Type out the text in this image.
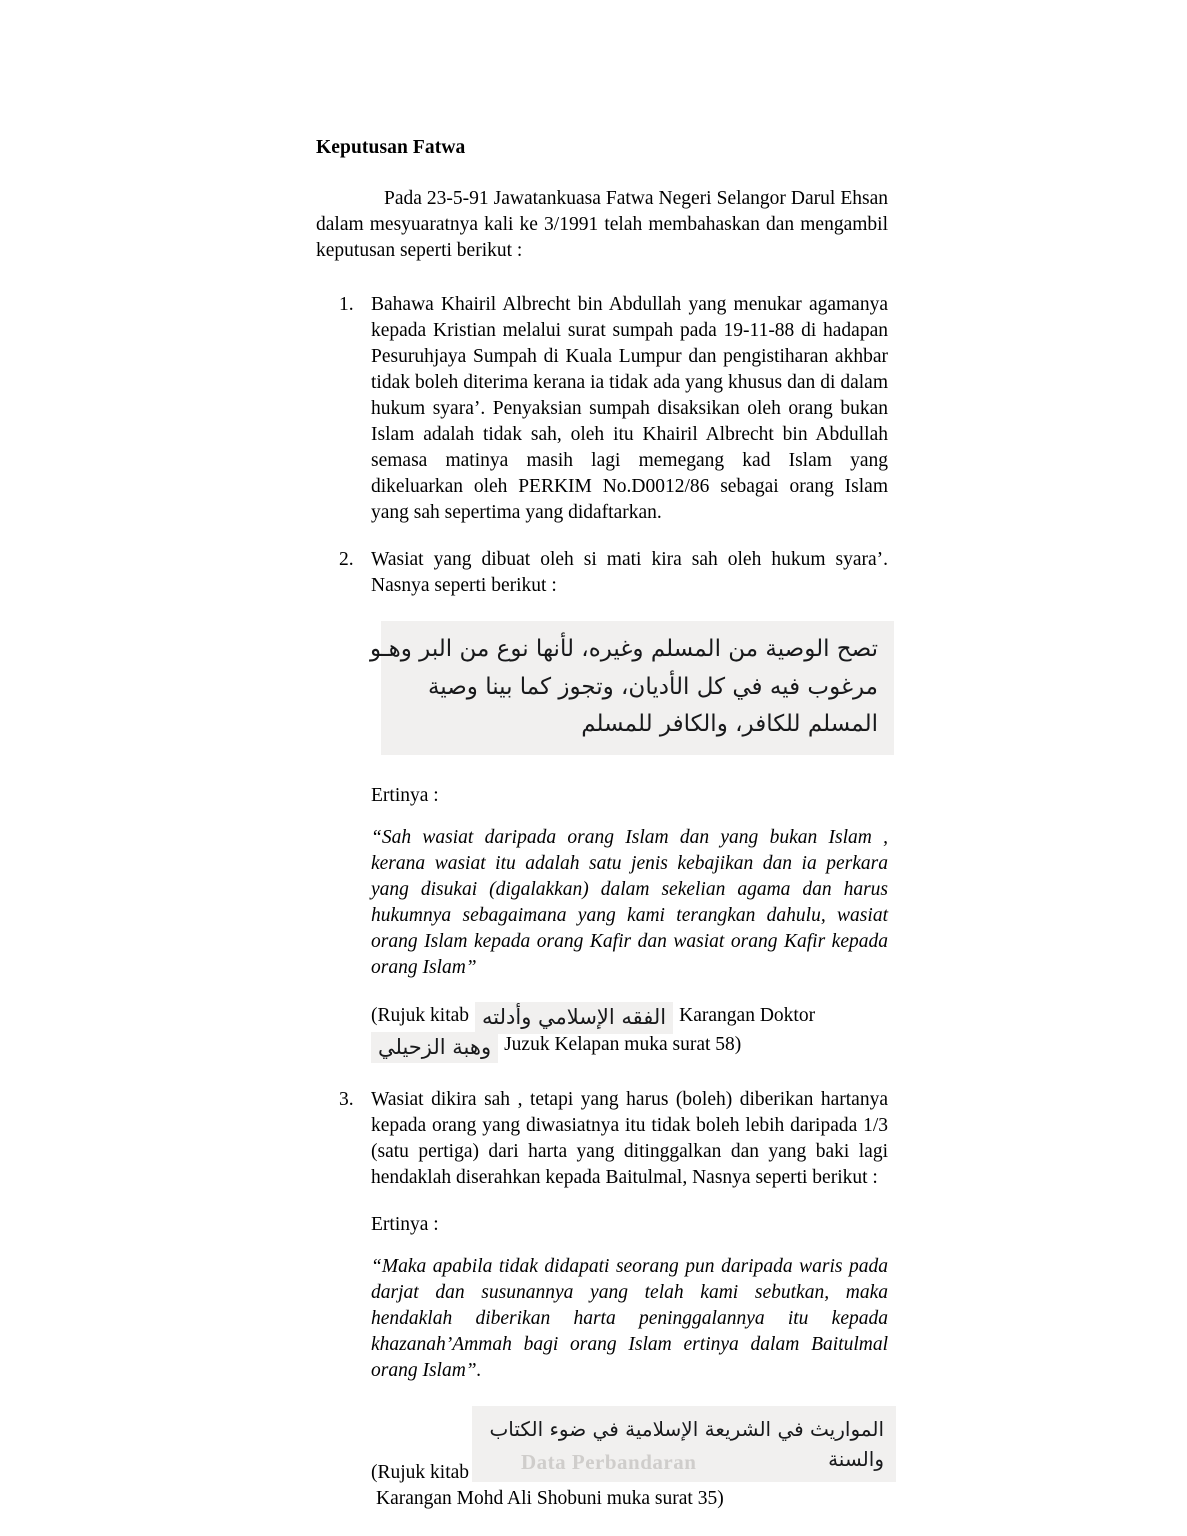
Keputusan Fatwa

Pada 23-5-91 Jawatankuasa Fatwa Negeri Selangor Darul Ehsan dalam mesyuaratnya kali ke 3/1991 telah membahaskan dan mengambil keputusan seperti berikut :

1. Bahawa Khairil Albrecht bin Abdullah yang menukar agamanya kepada Kristian melalui surat sumpah pada 19-11-88 di hadapan Pesuruhjaya Sumpah di Kuala Lumpur dan pengistiharan akhbar tidak boleh diterima kerana ia tidak ada yang khusus dan di dalam hukum syara’. Penyaksian sumpah disaksikan oleh orang bukan Islam adalah tidak sah, oleh itu Khairil Albrecht bin Abdullah semasa matinya masih lagi memegang kad Islam yang dikeluarkan oleh PERKIM No.D0012/86 sebagai orang Islam yang sah sepertima yang didaftarkan.
2. Wasiat yang dibuat oleh si mati kira sah oleh hukum syara’. Nasnya seperti berikut :
تصح الوصية من المسلم وغيره، لأنها نوع من البر وهـو
مرغوب فيه في كل الأديان، وتجوز كما بينا وصية
المسلم للكافر، والكافر للمسلم

Ertinya :

“Sah wasiat daripada orang Islam dan yang bukan Islam , kerana wasiat itu adalah satu jenis kebajikan dan ia perkara yang disukai (digalakkan) dalam sekelian agama dan harus hukumnya sebagaimana yang kami terangkan dahulu, wasiat orang Islam kepada orang Kafir dan wasiat orang Kafir kepada orang Islam”

(Rujuk kitab الفقه الإسلامي وأدلته Karangan Doktor
وهبة الزحيلي Juzuk Kelapan muka surat 58)
3. Wasiat dikira sah , tetapi yang harus (boleh) diberikan hartanya kepada orang yang diwasiatnya itu tidak boleh lebih daripada 1/3 (satu pertiga) dari harta yang ditinggalkan dan yang baki lagi hendaklah diserahkan kepada Baitulmal, Nasnya seperti berikut :

Ertinya :

“Maka apabila tidak didapati seorang pun daripada waris pada darjat dan susunannya yang telah kami sebutkan, maka hendaklah diberikan harta peninggalannya itu kepada khazanah’Ammah bagi orang Islam ertinya dalam Baitulmal orang Islam”.

المواريث في الشريعة الإسلامية في ضوء الكتاب
والسنة
Data Perbandaran
(Rujuk kitab
Karangan Mohd Ali Shobuni muka surat 35)
